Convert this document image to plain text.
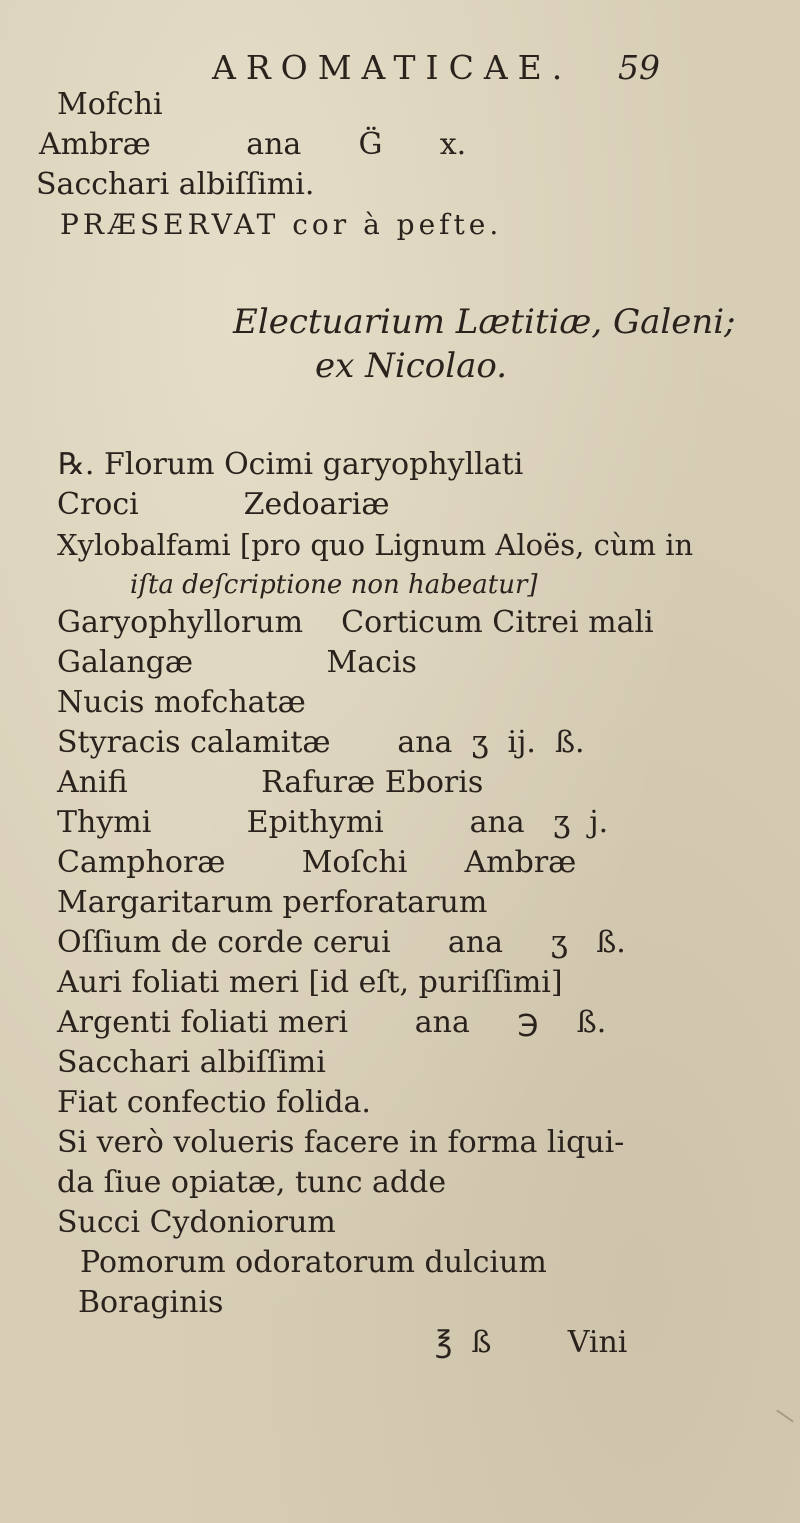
AROMATICAE. 59
Mofchi
Ambræ          ana      G̈      x.
Sacchari albiſſimi.
PRÆSERVAT cor à pefte.
Electuarium Lætitiæ, Galeni;
ex Nicolao.
℞. Florum Ocimi garyophyllati
Croci           Zedoariæ
Xylobalfami [pro quo Lignum Aloës, cùm in
iſta deſcriptione non habeatur]
Garyophyllorum    Corticum Citrei mali
Galangæ              Macis
Nucis mofchatæ
Styracis calamitæ       ana  ʒ  ij.  ß.
Anifi              Rafuræ Eboris
Thymi          Epithymi         ana   ʒ  j.
Camphoræ        Moſchi      Ambræ
Margaritarum perforatarum
Oſſium de corde cerui      ana     ʒ   ß.
Auri foliati meri [id eſt, puriſſimi]
Argenti foliati meri       ana     ℈    ß.
Sacchari albiſſimi
Fiat confectio folida.
Si verò volueris facere in forma liqui-
da ſiue opiatæ, tunc adde
Succi Cydoniorum
Pomorum odoratorum dulcium
Boraginis
℥  ß        Vini
